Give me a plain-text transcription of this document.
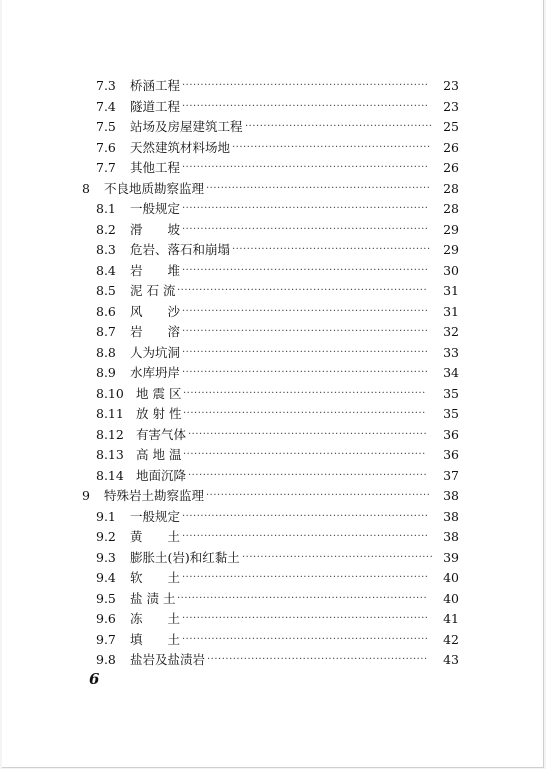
7.3 桥涵工程 ···································································	23
7.4 隧道工程 ···································································	23
7.5 站场及房屋建筑工程 ··················································· 25
7.6 天然建筑材料场地 ······················································ 26
7.7 其他工程 ···································································	26
8 不良地质勘察监理 ·····························································	28
8.1 一般规定 ···································································	28
8.2 滑　　坡 ···································································	29
8.3 危岩、落石和崩塌 ······················································ 29
8.4 岩　　堆 ···································································	30
8.5 泥 石 流 ····································································	31
8.6 风　　沙 ···································································	31
8.7 岩　　溶 ···································································	32
8.8 人为坑洞 ···································································	33
8.9 水库坍岸 ···································································	34
8.10 地 震 区 ··································································	35
8.11 放 射 性 ··································································	35
8.12 有害气体 ·································································	36
8.13 高 地 温 ··································································	36
8.14 地面沉降 ·································································	37
9 特殊岩土勘察监理 ·····························································	38
9.1 一般规定 ···································································	38
9.2 黄　　土 ···································································	38
9.3 膨胀土(岩)和红黏土 ···················································· 39
9.4 软　　土 ···································································	40
9.5 盐 渍 土 ····································································	40
9.6 冻　　土 ···································································	41
9.7 填　　土 ···································································	42
9.8 盐岩及盐渍岩 ····························································	43
6
